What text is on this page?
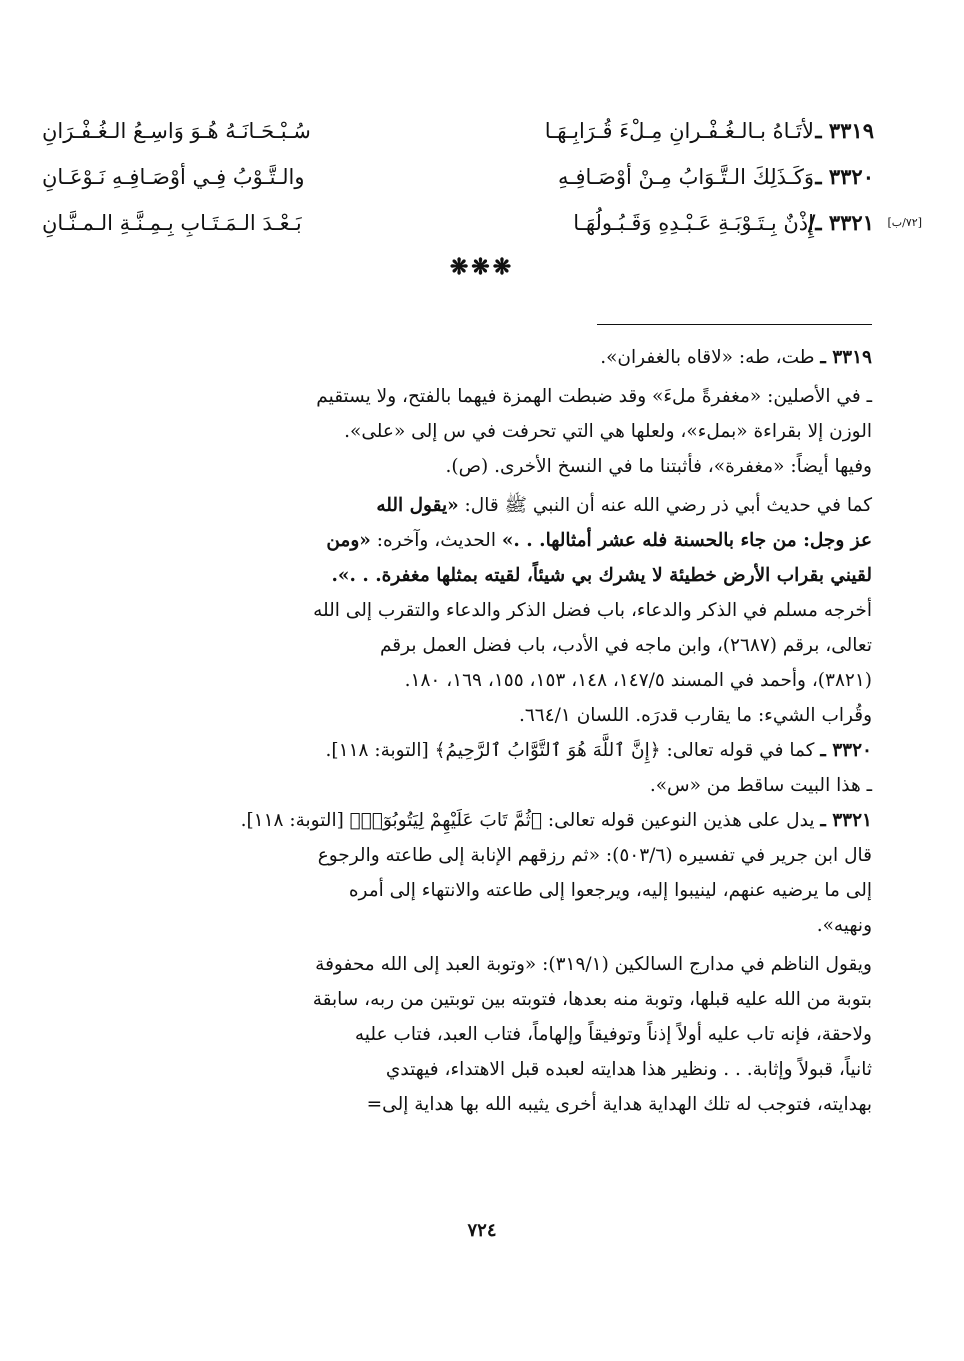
٣٣١٩ ـ
لأتَـاهُ بـالـغُـفْـرانِ مِـلْءَ قُـرَابِـهَـا
سُـبْـحَـانَـهُ هُـوَ وَاسِـعُ الـغُـفْـرَانِ
٣٣٢٠ ـ
وَكَـذَلِكَ الـتَّـوَابُ مِـنْ أوْصَـافِـهِ
والـتَّـوْبُ فِـي أوْصَـافِـهِ نَـوْعَـانِ
[٧٢/ب]
٣٣٢١ ـ/
إِذْنٌ بِـتَـوْبَـةِ عَـبْـدِهِ وَقَـبُـولُهَـا
بَـعْـدَ الـمَـتَـابِ بِـمِـنَّـةِ الـمـنَّـانِ
❋❋❋
٣٣١٩ ـ طت، طه: «لاقاه بالغفران».
ـ في الأصلين: «مغفرةً ملءَ» وقد ضبطت الهمزة فيهما بالفتح، ولا يستقيم
الوزن إلا بقراءة «بملء»، ولعلها هي التي تحرفت في س إلى «على».
وفيها أيضاً: «مغفرة»، فأثبتنا ما في النسخ الأخرى. (ص).
كما في حديث أبي ذر رضي الله عنه أن النبي ﷺ قال: «يقول الله
عز وجل: من جاء بالحسنة فله عشر أمثالها. . .» الحديث، وآخره: «ومن
لقيني بقراب الأرض خطيئة لا يشرك بي شيئاً، لقيته بمثلها مغفرة. . .».
أخرجه مسلم في الذكر والدعاء، باب فضل الذكر والدعاء والتقرب إلى الله
تعالى، برقم (٢٦٨٧)، وابن ماجه في الأدب، باب فضل العمل برقم
(٣٨٢١)، وأحمد في المسند ١٤٧/٥، ١٤٨، ١٥٣، ١٥٥، ١٦٩، ١٨٠.
وقُراب الشيء: ما يقارب قدرَه. اللسان ٦٦٤/١.
٣٣٢٠ ـ كما في قوله تعالى: ﴿إِنَّ ٱللَّهَ هُوَ ٱلتَّوَّابُ ٱلرَّحِيمُ﴾ [التوبة: ١١٨].
ـ هذا البيت ساقط من «س».
٣٣٢١ ـ يدل على هذين النوعين قوله تعالى: ﴿ثُمَّ تَابَ عَلَيْهِمْ لِيَتُوبُوٓا۟﴾ [التوبة: ١١٨].
قال ابن جرير في تفسيره (٥٠٣/٦): «ثم رزقهم الإنابة إلى طاعته والرجوع
إلى ما يرضيه عنهم، لينيبوا إليه، ويرجعوا إلى طاعته والانتهاء إلى أمره
ونهيه».
ويقول الناظم في مدارج السالكين (٣١٩/١): «وتوبة العبد إلى الله محفوفة
بتوبة من الله عليه قبلها، وتوبة منه بعدها، فتوبته بين توبتين من ربه، سابقة
ولاحقة، فإنه تاب عليه أولاً إذناً وتوفيقاً وإلهاماً، فتاب العبد، فتاب عليه
ثانياً، قبولاً وإثابة. . . ونظير هذا هدايته لعبده قبل الاهتداء، فيهتدي
بهدايته، فتوجب له تلك الهداية هداية أخرى يثيبه الله بها هداية إلى=
٧٢٤
